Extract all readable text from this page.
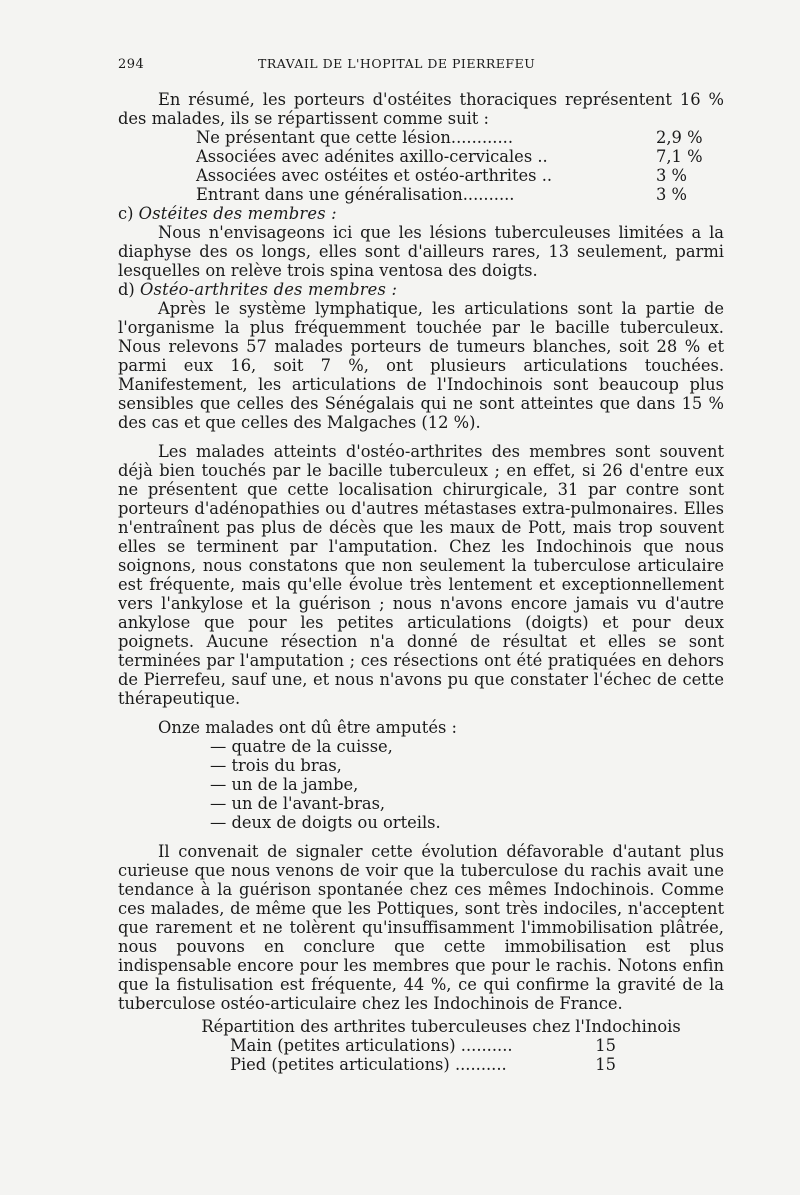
294	TRAVAIL DE L'HOPITAL DE PIERREFEU

En résumé, les porteurs d'ostéites thoraciques représentent 16 % des malades, ils se répartissent comme suit :

Ne présentant que cette lésion............	2,9 %
Associées avec adénites axillo-cervicales ..	7,1 %
Associées avec ostéites et ostéo-arthrites ..	3 %
Entrant dans une généralisation..........	3 %

c) Ostéites des membres :

Nous n'envisageons ici que les lésions tuberculeuses limitées a la diaphyse des os longs, elles sont d'ailleurs rares, 13 seulement, parmi lesquelles on relève trois spina ventosa des doigts.

d) Ostéo-arthrites des membres :

Après le système lymphatique, les articulations sont la partie de l'organisme la plus fréquemment touchée par le bacille tuberculeux. Nous relevons 57 malades porteurs de tumeurs blanches, soit 28 % et parmi eux 16, soit 7 %, ont plusieurs articulations touchées. Manifestement, les articulations de l'Indochinois sont beaucoup plus sensibles que celles des Sénégalais qui ne sont atteintes que dans 15 % des cas et que celles des Malgaches (12 %).

Les malades atteints d'ostéo-arthrites des membres sont souvent déjà bien touchés par le bacille tuberculeux ; en effet, si 26 d'entre eux ne présentent que cette localisation chirurgicale, 31 par contre sont porteurs d'adénopathies ou d'autres métastases extra-pulmonaires. Elles n'entraînent pas plus de décès que les maux de Pott, mais trop souvent elles se terminent par l'amputation. Chez les Indochinois que nous soignons, nous constatons que non seulement la tuberculose articulaire est fréquente, mais qu'elle évolue très lentement et exceptionnellement vers l'ankylose et la guérison ; nous n'avons encore jamais vu d'autre ankylose que pour les petites articulations (doigts) et pour deux poignets. Aucune résection n'a donné de résultat et elles se sont terminées par l'amputation ; ces résections ont été pratiquées en dehors de Pierrefeu, sauf une, et nous n'avons pu que constater l'échec de cette thérapeutique.

Onze malades ont dû être amputés :

— quatre de la cuisse,
— trois du bras,
— un de la jambe,
— un de l'avant-bras,
— deux de doigts ou orteils.

Il convenait de signaler cette évolution défavorable d'autant plus curieuse que nous venons de voir que la tuberculose du rachis avait une tendance à la guérison spontanée chez ces mêmes Indochinois. Comme ces malades, de même que les Pottiques, sont très indociles, n'acceptent que rarement et ne tolèrent qu'insuffisamment l'immobilisation plâtrée, nous pouvons en conclure que cette immobilisation est plus indispensable encore pour les membres que pour le rachis. Notons enfin que la fistulisation est fréquente, 44 %, ce qui confirme la gravité de la tuberculose ostéo-articulaire chez les Indochinois de France.

Répartition des arthrites tuberculeuses chez l'Indochinois
Main (petites articulations) ..........	15
Pied (petites articulations) ..........	15
